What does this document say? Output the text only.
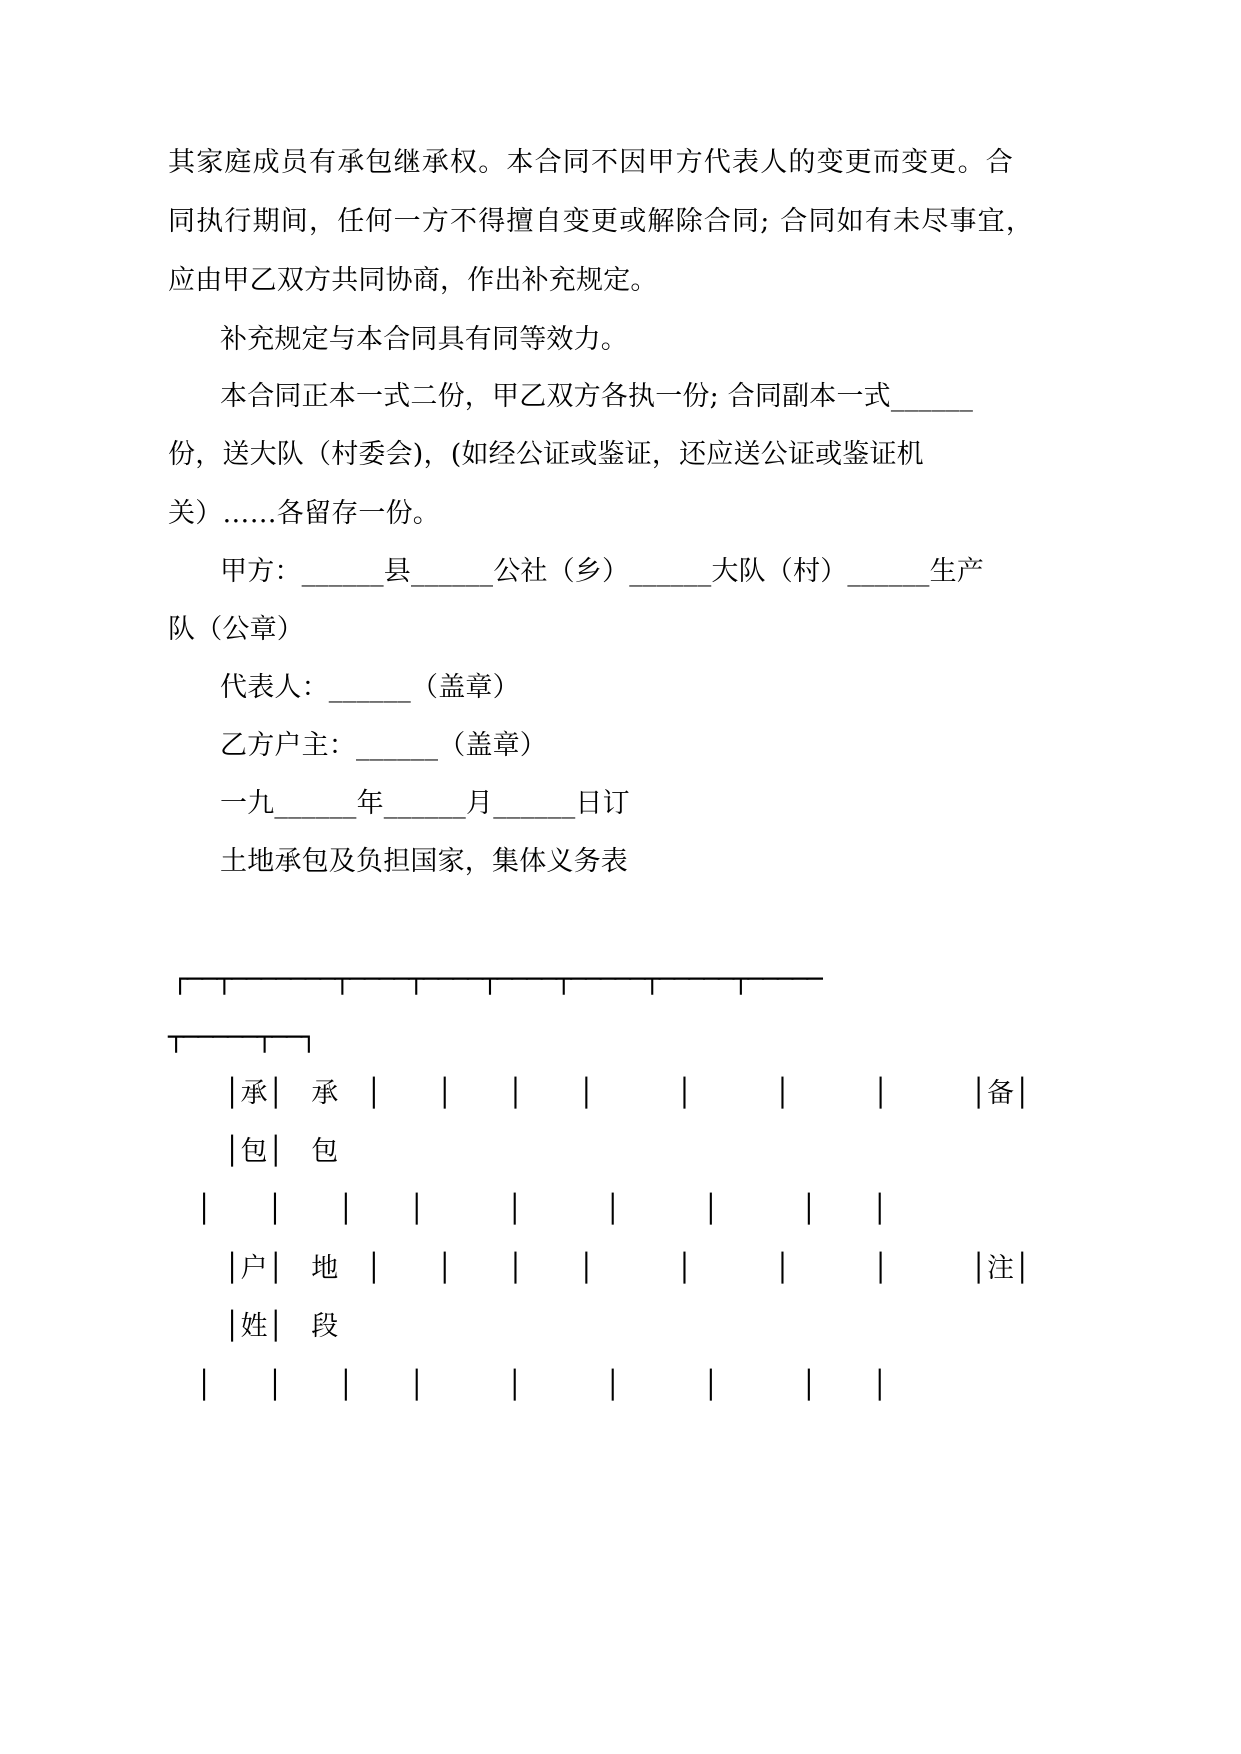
其家庭成员有承包继承权。本合同不因甲方代表人的变更而变更。合
同执行期间，任何一方不得擅自变更或解除合同; 合同如有未尽事宜，
应由甲乙双方共同协商，作出补充规定。
补充规定与本合同具有同等效力。
本合同正本一式二份，甲乙双方各执一份; 合同副本一式______
份，送大队（村委会)，(如经公证或鉴证，还应送公证或鉴证机
关）……各留存一份。
甲方：______县______公社（乡）______大队（村）______生产
队（公章）
代表人：______（盖章）
乙方户主：______（盖章）
一九______年______月______日订
土地承包及负担国家，集体义务表
┌──┬───────┬────┬────┬────┬─────┬─────┬─────
┬─────┬──┐
│承│　承　│　　│　　│　　│　　　│　　　│　　　│　　　│备│
│包│　包
│　　│　　│　　│　　　│　　　│　　　│　　　│　　│
│户│　地　│　　│　　│　　│　　　│　　　│　　　│　　　│注│
│姓│　段
│　　│　　│　　│　　　│　　　│　　　│　　　│　　│
